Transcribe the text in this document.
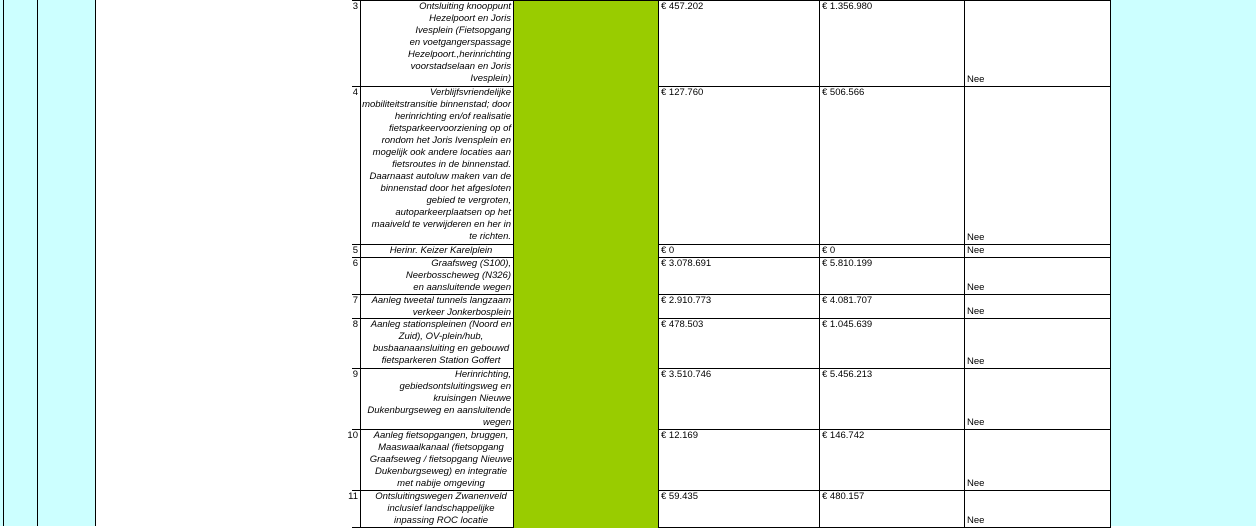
3	Ontsluiting knooppunt
Hezelpoort en Joris
Ivesplein (Fietsopgang
en voetgangerspassage
Hezelpoort.,herinrichting
voorstadselaan en Joris
Ivesplein)
€ 457.202	€ 1.356.980
Nee
4	Verblijfsvriendelijke
mobiliteitstransitie binnenstad; door
herinrichting en/of realisatie
fietsparkeervoorziening op of
rondom het Joris Ivensplein en
mogelijk ook andere locaties aan
fietsroutes in de binnenstad.
Daarnaast autoluw maken van de
binnenstad door het afgesloten
gebied te vergroten,
autoparkeerplaatsen op het
maaiveld te verwijderen en her in
te richten.
€ 127.760	€ 506.566
Nee
5	Herinr. Keizer Karelplein	€ 0	€ 0	Nee
6	Graafsweg (S100),
Neerbosscheweg (N326)
en aansluitende wegen
€ 3.078.691	€ 5.810.199
Nee
7	Aanleg tweetal tunnels langzaam
verkeer Jonkerbosplein
€ 2.910.773	€ 4.081.707
Nee
8	Aanleg stationspleinen (Noord en
Zuid), OV-plein/hub,
busbaanaansluiting en gebouwd
fietsparkeren Station Goffert
€ 478.503	€ 1.045.639
Nee
9	Herinrichting,
gebiedsontsluitingsweg en
kruisingen Nieuwe
Dukenburgseweg en aansluitende
wegen
€ 3.510.746	€ 5.456.213
Nee
10	Aanleg fietsopgangen, bruggen,
Maaswaalkanaal (fietsopgang
Graafseweg / fietsopgang Nieuwe
Dukenburgseweg) en integratie
met nabije omgeving
€ 12.169	€ 146.742
Nee
11	Ontsluitingswegen Zwanenveld
inclusief landschappelijke
inpassing ROC locatie
€ 59.435	€ 480.157
Nee
